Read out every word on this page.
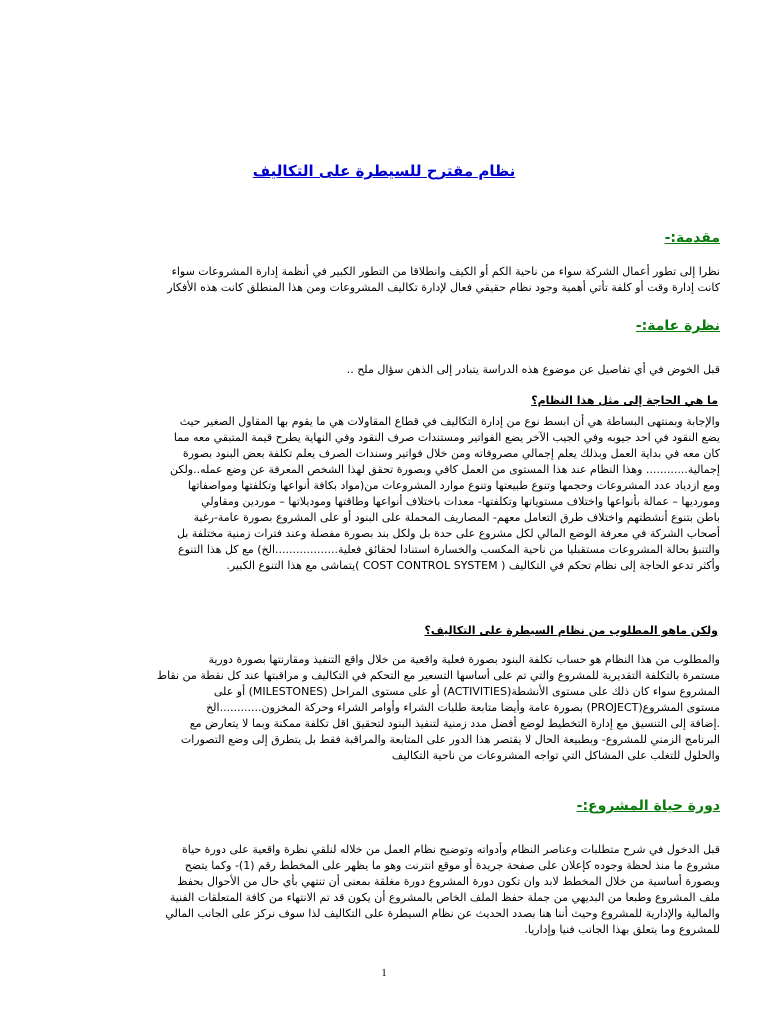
نظام مقترح للسيطرة على التكاليف
مقدمة:-
نظرا إلى تطور أعمال الشركة سواء من ناحية الكم أو الكيف وانطلاقا من التطور الكبير في أنظمة إدارة المشروعات سواء
كانت إدارة وقت أو كلفة تأتي أهمية وجود نظام حقيقي فعال لإدارة تكاليف المشروعات ومن هذا المنطلق كانت هذه الأفكار
نظرة عامة:-
قبل الخوض في أي تفاصيل عن موضوع هذه الدراسة يتبادر إلى الذهن سؤال ملح ..
ما هي الحاجة إلى مثل هذا النظام؟
والإجابة وبمنتهى البساطة هي أن ابسط نوع من إدارة التكاليف في قطاع المقاولات هي ما يقوم بها المقاول الصغير حيث
يضع النقود في احد جيوبه وفي الجيب الآخر يضع الفواتير ومستندات صرف النقود وفي النهاية يطرح قيمة المتبقي معه مما
كان معه في بداية العمل وبذلك يعلم إجمالي مصروفاته ومن خلال فواتير وسندات الصرف يعلم تكلفة بعض البنود بصورة
إجمالية............ وهذا النظام عند هذا المستوى من العمل كافي وبصورة تحقق لهذا الشخص المعرفة عن وضع عمله..ولكن
ومع ازدياد عدد المشروعات وحجمها وتنوع طبيعتها وتنوع موارد المشروعات من(مواد بكافة أنواعها وتكلفتها ومواصفاتها
ومورديها – عمالة بأنواعها واختلاف مستوياتها وتكلفتها- معدات باختلاف أنواعها وطاقتها وموديلاتها – موردين ومقاولي
باطن بتنوع أنشطتهم واختلاف طرق التعامل معهم- المصاريف المحملة على البنود أو على المشروع بصورة عامة-رغبة
أصحاب الشركة في معرفة الوضع المالي لكل مشروع على حدة بل ولكل بند بصورة مفصلة وعند فترات زمنية مختلفة بل
والتنبؤ بحالة المشروعات مستقبليا من ناحية المكسب والخسارة استنادا لحقائق فعلية..................الخ) مع كل هذا التنوع
وأكثر تدعو الحاجة إلى نظام تحكم في التكاليف ( COST CONTROL SYSTEM )يتماشى مع هذا التنوع الكبير.
ولكن ماهو المطلوب من نظام السيطرة على التكاليف؟
والمطلوب من هذا النظام هو حساب تكلفة البنود بصورة فعلية واقعية من خلال واقع التنفيذ ومقارنتها بصورة دورية
مستمرة بالتكلفة التقديرية للمشروع والتي تم على أساسها التسعير مع التحكم في التكاليف و مراقبتها عند كل نقطة من نقاط
المشروع سواء كان ذلك على مستوى الأنشطة(ACTIVITIES) أو على مستوى المراحل (MILESTONES) أو على
مستوى المشروع(PROJECT) بصورة عامة وأيضا متابعة طلبات الشراء وأوامر الشراء وحركة المخزون............الخ
.إضافة إلى التنسيق مع إدارة التخطيط لوضع أفضل مدد زمنية لتنفيذ البنود لتحقيق اقل تكلفة ممكنة وبما لا يتعارض مع
البرنامج الزمني للمشروع- وبطبيعة الحال لا يقتصر هذا الدور على المتابعة والمراقبة فقط بل يتطرق إلى وضع التصورات
والحلول للتغلب على المشاكل التي تواجه المشروعات من ناحية التكاليف
دورة حياة المشروع:-
قبل الدخول في شرح متطلبات وعناصر النظام وأدواته وتوضيح نظام العمل من خلاله لنلقي نظرة واقعية على دورة حياة
مشروع ما منذ لحظة وجوده كإعلان على صفحة جريدة أو موقع انترنت وهو ما يظهر على المخطط رقم (1)- وكما يتضح
وبصورة أساسية من خلال المخطط لابد وان تكون دورة المشروع دورة مغلقة بمعنى أن تنتهي بأي حال من الأحوال بحفظ
ملف المشروع وطبعا من البديهي من جملة حفظ الملف الخاص بالمشروع أن يكون قد تم الانتهاء من كافة المتعلقات الفنية
والمالية والإدارية للمشروع وحيث أننا هنا بصدد الحديث عن نظام السيطرة على التكاليف لذا سوف نركز على الجانب المالي
للمشروع وما يتعلق بهذا الجانب فنيا وإداريا.
1
